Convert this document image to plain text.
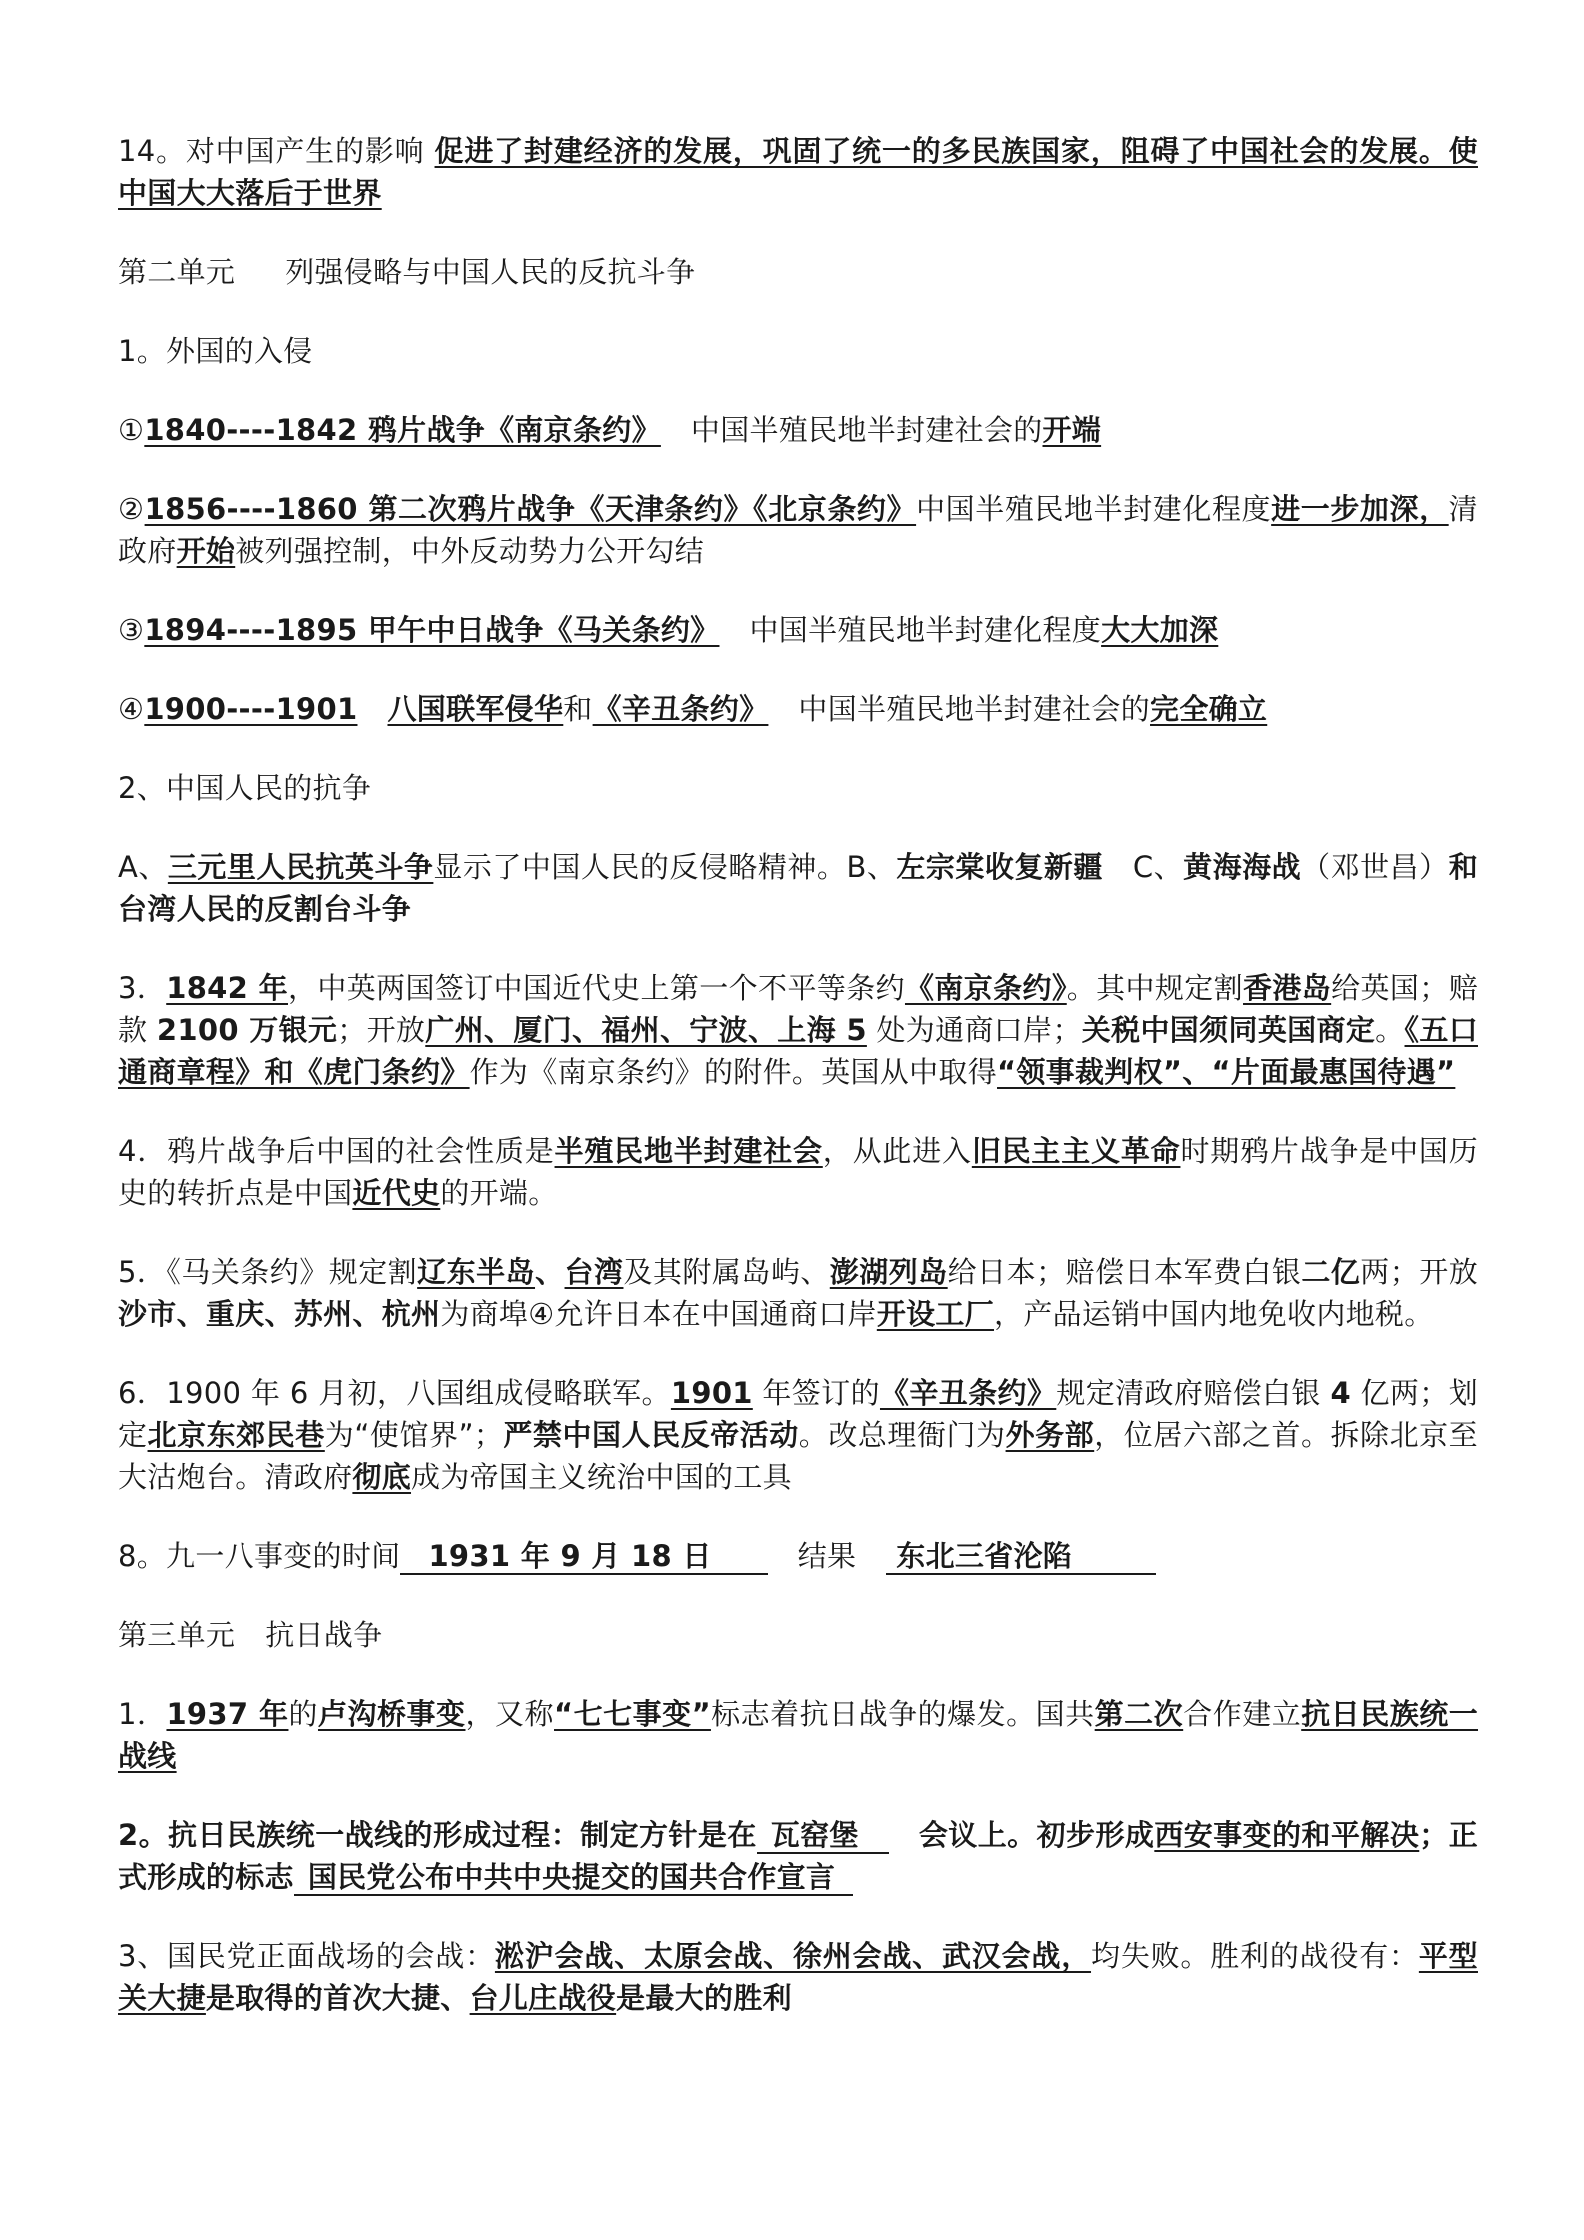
14。对中国产生的影响 促进了封建经济的发展，巩固了统一的多民族国家，阻碍了中国社会的发展。使中国大大落后于世界

第二单元 列强侵略与中国人民的反抗斗争

1。外国的入侵

①1840----1842 鸦片战争《南京条约》 中国半殖民地半封建社会的开端

②1856----1860 第二次鸦片战争《天津条约》《北京条约》中国半殖民地半封建化程度进一步加深，清政府开始被列强控制，中外反动势力公开勾结

③1894----1895 甲午中日战争《马关条约》 中国半殖民地半封建化程度大大加深

④1900----1901 八国联军侵华和《辛丑条约》 中国半殖民地半封建社会的完全确立

2、中国人民的抗争

A、三元里人民抗英斗争显示了中国人民的反侵略精神。B、左宗棠收复新疆 C、黄海海战（邓世昌）和台湾人民的反割台斗争

3．1842 年，中英两国签订中国近代史上第一个不平等条约《南京条约》。其中规定割香港岛给英国；赔款 2100 万银元；开放广州、厦门、福州、宁波、上海 5 处为通商口岸；关税中国须同英国商定。《五口通商章程》和《虎门条约》作为《南京条约》的附件。英国从中取得“领事裁判权”、“片面最惠国待遇”

4．鸦片战争后中国的社会性质是半殖民地半封建社会，从此进入旧民主主义革命时期鸦片战争是中国历史的转折点是中国近代史的开端。

5．《马关条约》规定割辽东半岛、台湾及其附属岛屿、澎湖列岛给日本；赔偿日本军费白银二亿两；开放沙市、重庆、苏州、杭州为商埠④允许日本在中国通商口岸开设工厂，产品运销中国内地免收内地税。

6．1900 年 6 月初，八国组成侵略联军。1901 年签订的《辛丑条约》规定清政府赔偿白银 4 亿两；划定北京东郊民巷为“使馆界”；严禁中国人民反帝活动。改总理衙门为外务部，位居六部之首。拆除北京至大沽炮台。清政府彻底成为帝国主义统治中国的工具

8。九一八事变的时间 1931 年 9 月 18 日	结果 东北三省沦陷

第三单元 抗日战争

1．1937 年的卢沟桥事变，又称“七七事变”标志着抗日战争的爆发。国共第二次合作建立抗日民族统一战线

2。抗日民族统一战线的形成过程：制定方针是在 瓦窑堡 会议上。初步形成西安事变的和平解决；正式形成的标志 国民党公布中共中央提交的国共合作宣言

3、国民党正面战场的会战：淞沪会战、太原会战、徐州会战、武汉会战，均失败。胜利的战役有：平型关大捷是取得的首次大捷、台儿庄战役是最大的胜利
